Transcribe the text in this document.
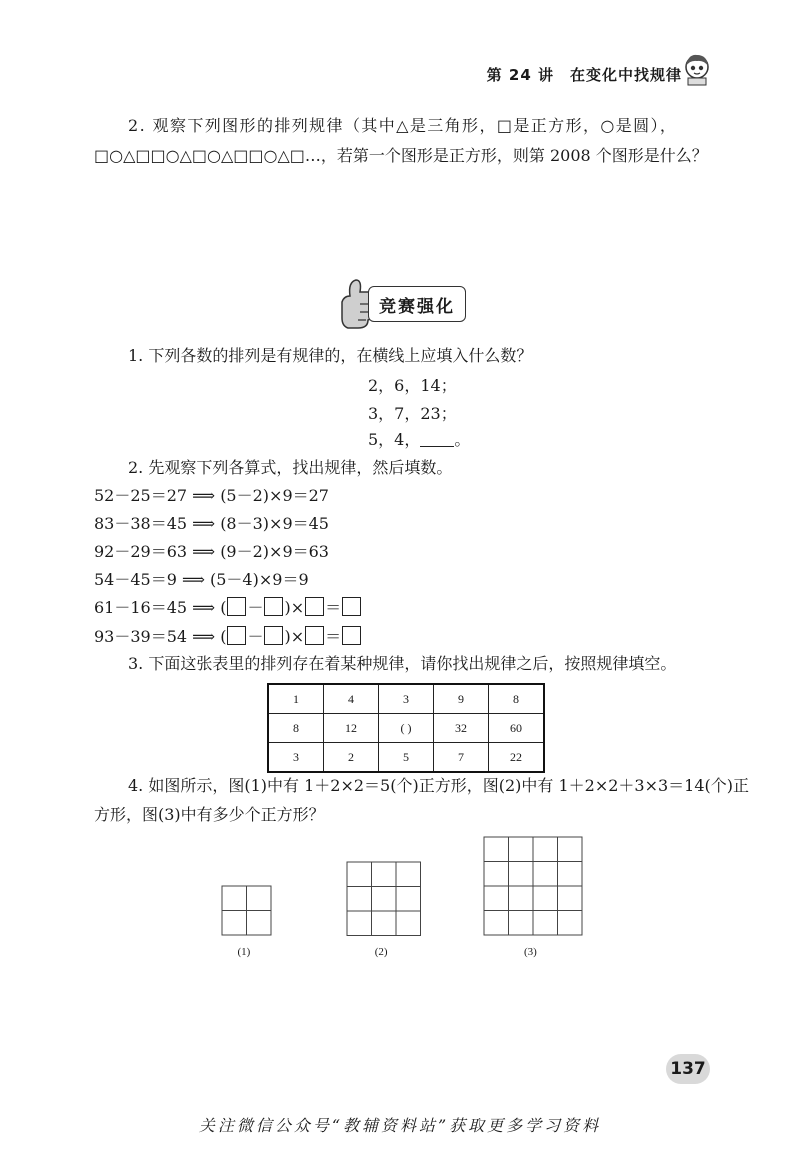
第 24 讲　在变化中找规律
2. 观察下列图形的排列规律（其中△是三角形，□是正方形，○是圆），
□○△□□○△□○△□□○△□…，若第一个图形是正方形，则第 2008 个图形是什么？
竞赛强化
1. 下列各数的排列是有规律的，在横线上应填入什么数？
2，6，14；
3，7，23；
5，4， 。
2. 先观察下列各算式，找出规律，然后填数。
52－25＝27 ⟹ (5－2)×9＝27
83－38＝45 ⟹ (8－3)×9＝45
92－29＝63 ⟹ (9－2)×9＝63
54－45＝9 ⟹ (5－4)×9＝9
61－16＝45 ⟹ ( － )× ＝
93－39＝54 ⟹ ( － )× ＝
3. 下面这张表里的排列存在着某种规律，请你找出规律之后，按照规律填空。
1	4	3	9	8
8	12	( )	32	60
3	2	5	7	22
4. 如图所示，图(1)中有 1＋2×2＝5(个)正方形，图(2)中有 1＋2×2＋3×3＝14(个)正
方形，图(3)中有多少个正方形？
(1)	(2)	(3)
137
关注微信公众号“教辅资料站”获取更多学习资料
